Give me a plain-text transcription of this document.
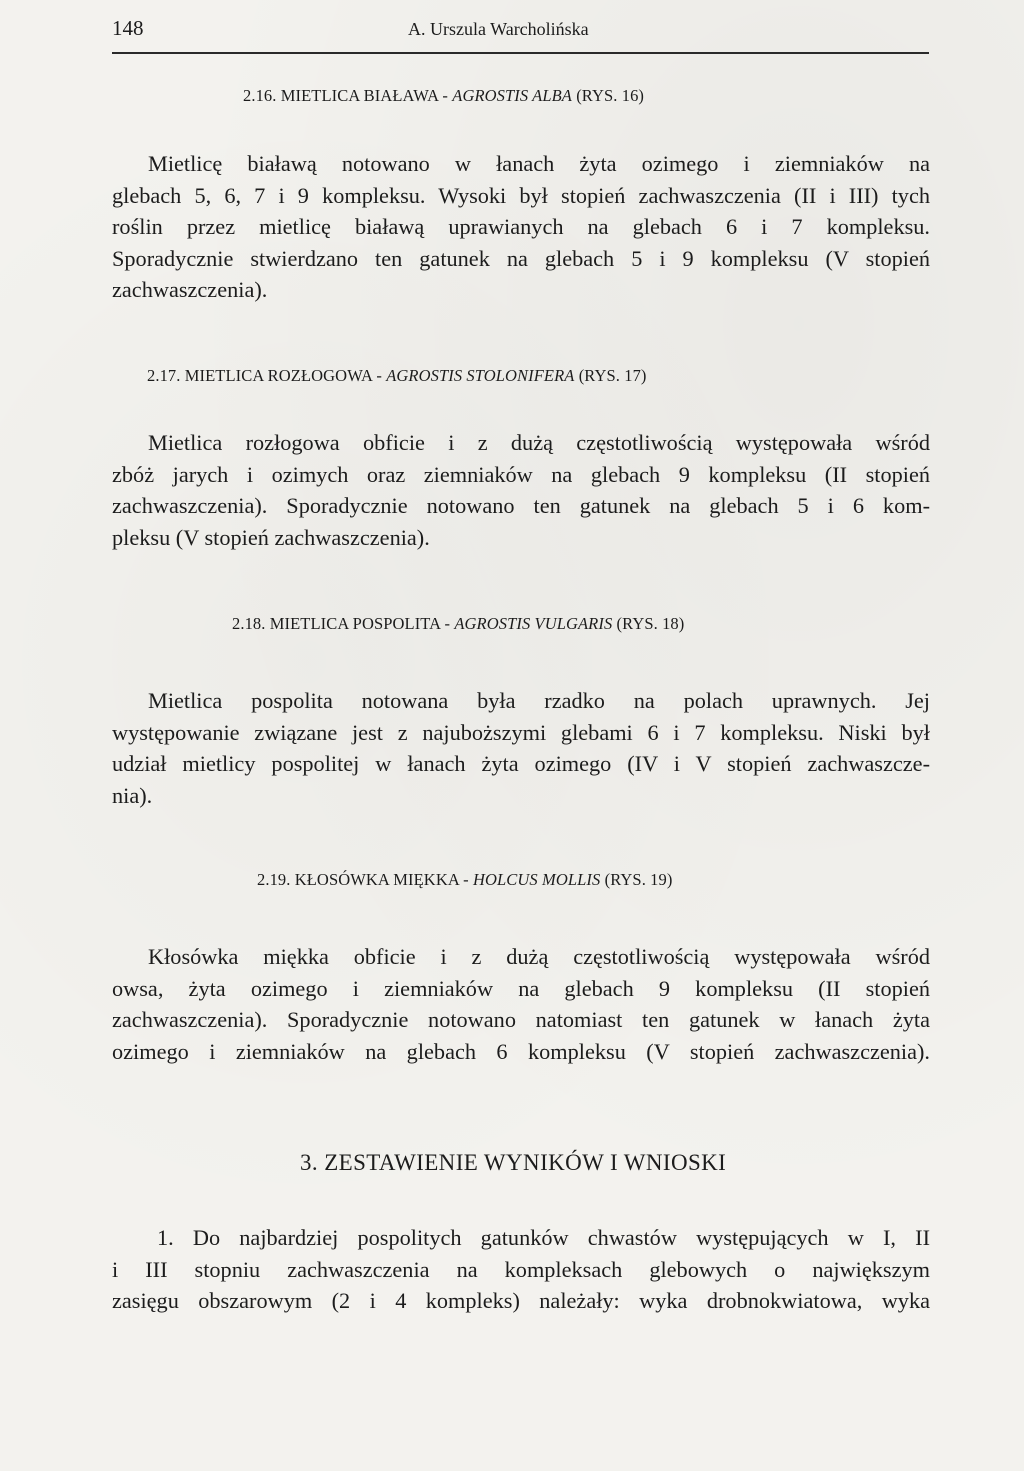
148	A. Urszula Warcholińska
2.16. MIETLICA BIAŁAWA - AGROSTIS ALBA (RYS. 16)
Mietlicę białawą notowano w łanach żyta ozimego i ziemniaków na
glebach 5, 6, 7 i 9 kompleksu. Wysoki był stopień zachwaszczenia (II i III) tych
roślin przez mietlicę białawą uprawianych na glebach 6 i 7 kompleksu.
Sporadycznie stwierdzano ten gatunek na glebach 5 i 9 kompleksu (V stopień
zachwaszczenia).
2.17. MIETLICA ROZŁOGOWA - AGROSTIS STOLONIFERA (RYS. 17)
Mietlica rozłogowa obficie i z dużą częstotliwością występowała wśród
zbóż jarych i ozimych oraz ziemniaków na glebach 9 kompleksu (II stopień
zachwaszczenia). Sporadycznie notowano ten gatunek na glebach 5 i 6 kom-
pleksu (V stopień zachwaszczenia).
2.18. MIETLICA POSPOLITA - AGROSTIS VULGARIS (RYS. 18)
Mietlica pospolita notowana była rzadko na polach uprawnych. Jej
występowanie związane jest z najuboższymi glebami 6 i 7 kompleksu. Niski był
udział mietlicy pospolitej w łanach żyta ozimego (IV i V stopień zachwaszcze-
nia).
2.19. KŁOSÓWKA MIĘKKA - HOLCUS MOLLIS (RYS. 19)
Kłosówka miękka obficie i z dużą częstotliwością występowała wśród
owsa, żyta ozimego i ziemniaków na glebach 9 kompleksu (II stopień
zachwaszczenia). Sporadycznie notowano natomiast ten gatunek w łanach żyta
ozimego i ziemniaków na glebach 6 kompleksu (V stopień zachwaszczenia).
3. ZESTAWIENIE WYNIKÓW I WNIOSKI
1. Do najbardziej pospolitych gatunków chwastów występujących w I, II
i III stopniu zachwaszczenia na kompleksach glebowych o największym
zasięgu obszarowym (2 i 4 kompleks) należały: wyka drobnokwiatowa, wyka
